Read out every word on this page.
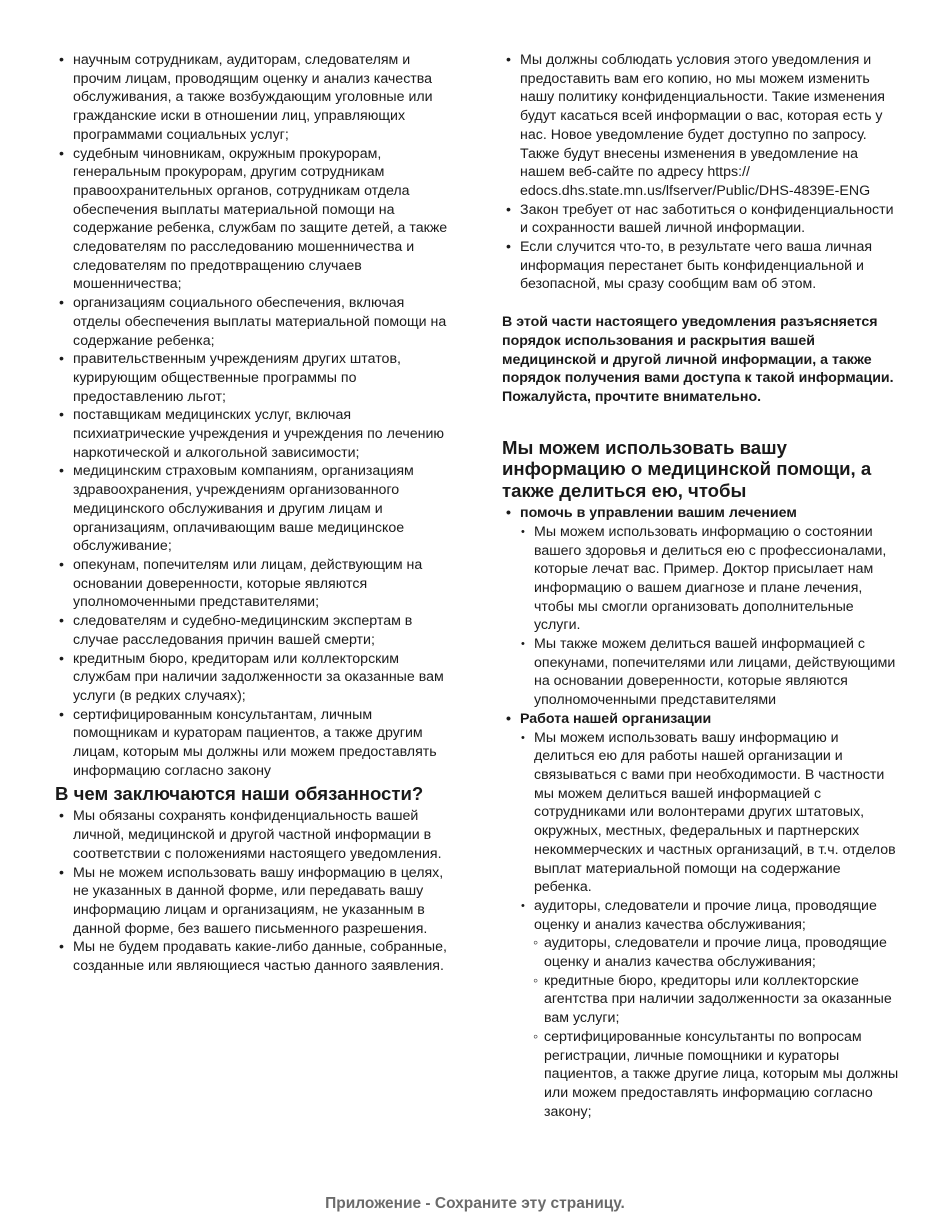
• научным сотрудникам, аудиторам, следователям и прочим лицам, проводящим оценку и анализ качества обслуживания, а также возбуждающим уголовные или гражданские иски в отношении лиц, управляющих программами социальных услуг;
• судебным чиновникам, окружным прокурорам, генеральным прокурорам, другим сотрудникам правоохранительных органов, сотрудникам отдела обеспечения выплаты материальной помощи на содержание ребенка, службам по защите детей, а также следователям по расследованию мошенничества и следователям по предотвращению случаев мошенничества;
• организациям социального обеспечения, включая отделы обеспечения выплаты материальной помощи на содержание ребенка;
• правительственным учреждениям других штатов, курирующим общественные программы по предоставлению льгот;
• поставщикам медицинских услуг, включая психиатрические учреждения и учреждения по лечению наркотической и алкогольной зависимости;
• медицинским страховым компаниям, организациям здравоохранения, учреждениям организованного медицинского обслуживания и другим лицам и организациям, оплачивающим ваше медицинское обслуживание;
• опекунам, попечителям или лицам, действующим на основании доверенности, которые являются уполномоченными представителями;
• следователям и судебно-медицинским экспертам в случае расследования причин вашей смерти;
• кредитным бюро, кредиторам или коллекторским службам при наличии задолженности за оказанные вам услуги (в редких случаях);
• сертифицированным консультантам, личным помощникам и кураторам пациентов, а также другим лицам, которым мы должны или можем предоставлять информацию согласно закону
В чем заключаются наши обязанности?
• Мы обязаны сохранять конфиденциальность вашей личной, медицинской и другой частной информации в соответствии с положениями настоящего уведомления.
• Мы не можем использовать вашу информацию в целях, не указанных в данной форме, или передавать вашу информацию лицам и организациям, не указанным в данной форме, без вашего письменного разрешения.
• Мы не будем продавать какие-либо данные, собранные, созданные или являющиеся частью данного заявления.
• Мы должны соблюдать условия этого уведомления и предоставить вам его копию, но мы можем изменить нашу политику конфиденциальности. Такие изменения будут касаться всей информации о вас, которая есть у нас. Новое уведомление будет доступно по запросу. Также будут внесены изменения в уведомление на нашем веб-сайте по адресу https://
edocs.dhs.state.mn.us/lfserver/Public/DHS-4839E-ENG
• Закон требует от нас заботиться о конфиденциальности и сохранности вашей личной информации.
• Если случится что-то, в результате чего ваша личная информация перестанет быть конфиденциальной и безопасной, мы сразу сообщим вам об этом.

В этой части настоящего уведомления разъясняется порядок использования и раскрытия вашей медицинской и другой личной информации, а также порядок получения вами доступа к такой информации. Пожалуйста, прочтите внимательно.

Мы можем использовать вашу информацию о медицинской помощи, а также делиться ею, чтобы
• помочь в управлении вашим лечением
• Мы можем использовать информацию о состоянии вашего здоровья и делиться ею с профессионалами, которые лечат вас. Пример. Доктор присылает нам информацию о вашем диагнозе и плане лечения, чтобы мы смогли организовать дополнительные услуги.
• Мы также можем делиться вашей информацией с опекунами, попечителями или лицами, действующими на основании доверенности, которые являются уполномоченными представителями
• Работа нашей организации
• Мы можем использовать вашу информацию и делиться ею для работы нашей организации и связываться с вами при необходимости. В частности мы можем делиться вашей информацией с сотрудниками или волонтерами других штатовых, окружных, местных, федеральных и партнерских некоммерческих и частных организаций, в т.ч. отделов выплат материальной помощи на содержание ребенка.
• аудиторы, следователи и прочие лица, проводящие оценку и анализ качества обслуживания;
◦ аудиторы, следователи и прочие лица, проводящие оценку и анализ качества обслуживания;
◦ кредитные бюро, кредиторы или коллекторские агентства при наличии задолженности за оказанные вам услуги;
◦ сертифицированные консультанты по вопросам регистрации, личные помощники и кураторы пациентов, а также другие лица, которым мы должны или можем предоставлять информацию согласно закону;
Приложение - Сохраните эту страницу.
